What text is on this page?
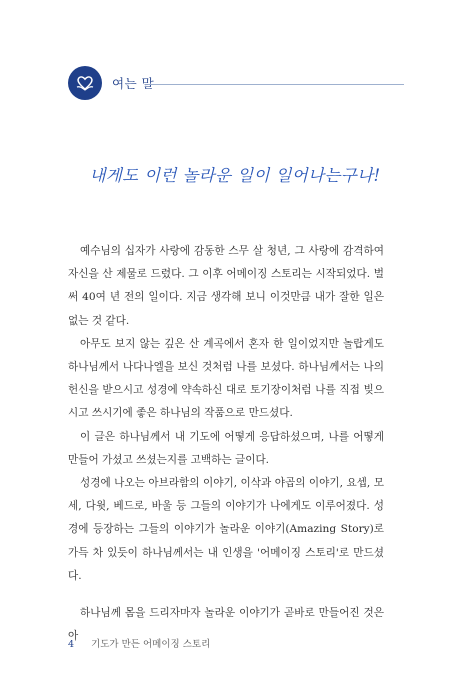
여는 말
내게도 이런 놀라운 일이 일어나는구나!

예수님의 십자가 사랑에 감동한 스무 살 청년, 그 사랑에 감격하여 자신을 산 제물로 드렸다. 그 이후 어메이징 스토리는 시작되었다. 벌써 40여 년 전의 일이다. 지금 생각해 보니 이것만큼 내가 잘한 일은 없는 것 같다.

아무도 보지 않는 깊은 산 계곡에서 혼자 한 일이었지만 놀랍게도 하나님께서 나다나엘을 보신 것처럼 나를 보셨다. 하나님께서는 나의 헌신을 받으시고 성경에 약속하신 대로 토기장이처럼 나를 직접 빚으시고 쓰시기에 좋은 하나님의 작품으로 만드셨다.

이 글은 하나님께서 내 기도에 어떻게 응답하셨으며, 나를 어떻게 만들어 가셨고 쓰셨는지를 고백하는 글이다.

성경에 나오는 아브라함의 이야기, 이삭과 야곱의 이야기, 요셉, 모세, 다윗, 베드로, 바울 등 그들의 이야기가 나에게도 이루어졌다. 성경에 등장하는 그들의 이야기가 놀라운 이야기(Amazing Story)로 가득 차 있듯이 하나님께서는 내 인생을 '어메이징 스토리'로 만드셨다.

하나님께 몸을 드리자마자 놀라운 이야기가 곧바로 만들어진 것은 아

4 기도가 만든 어메이징 스토리
